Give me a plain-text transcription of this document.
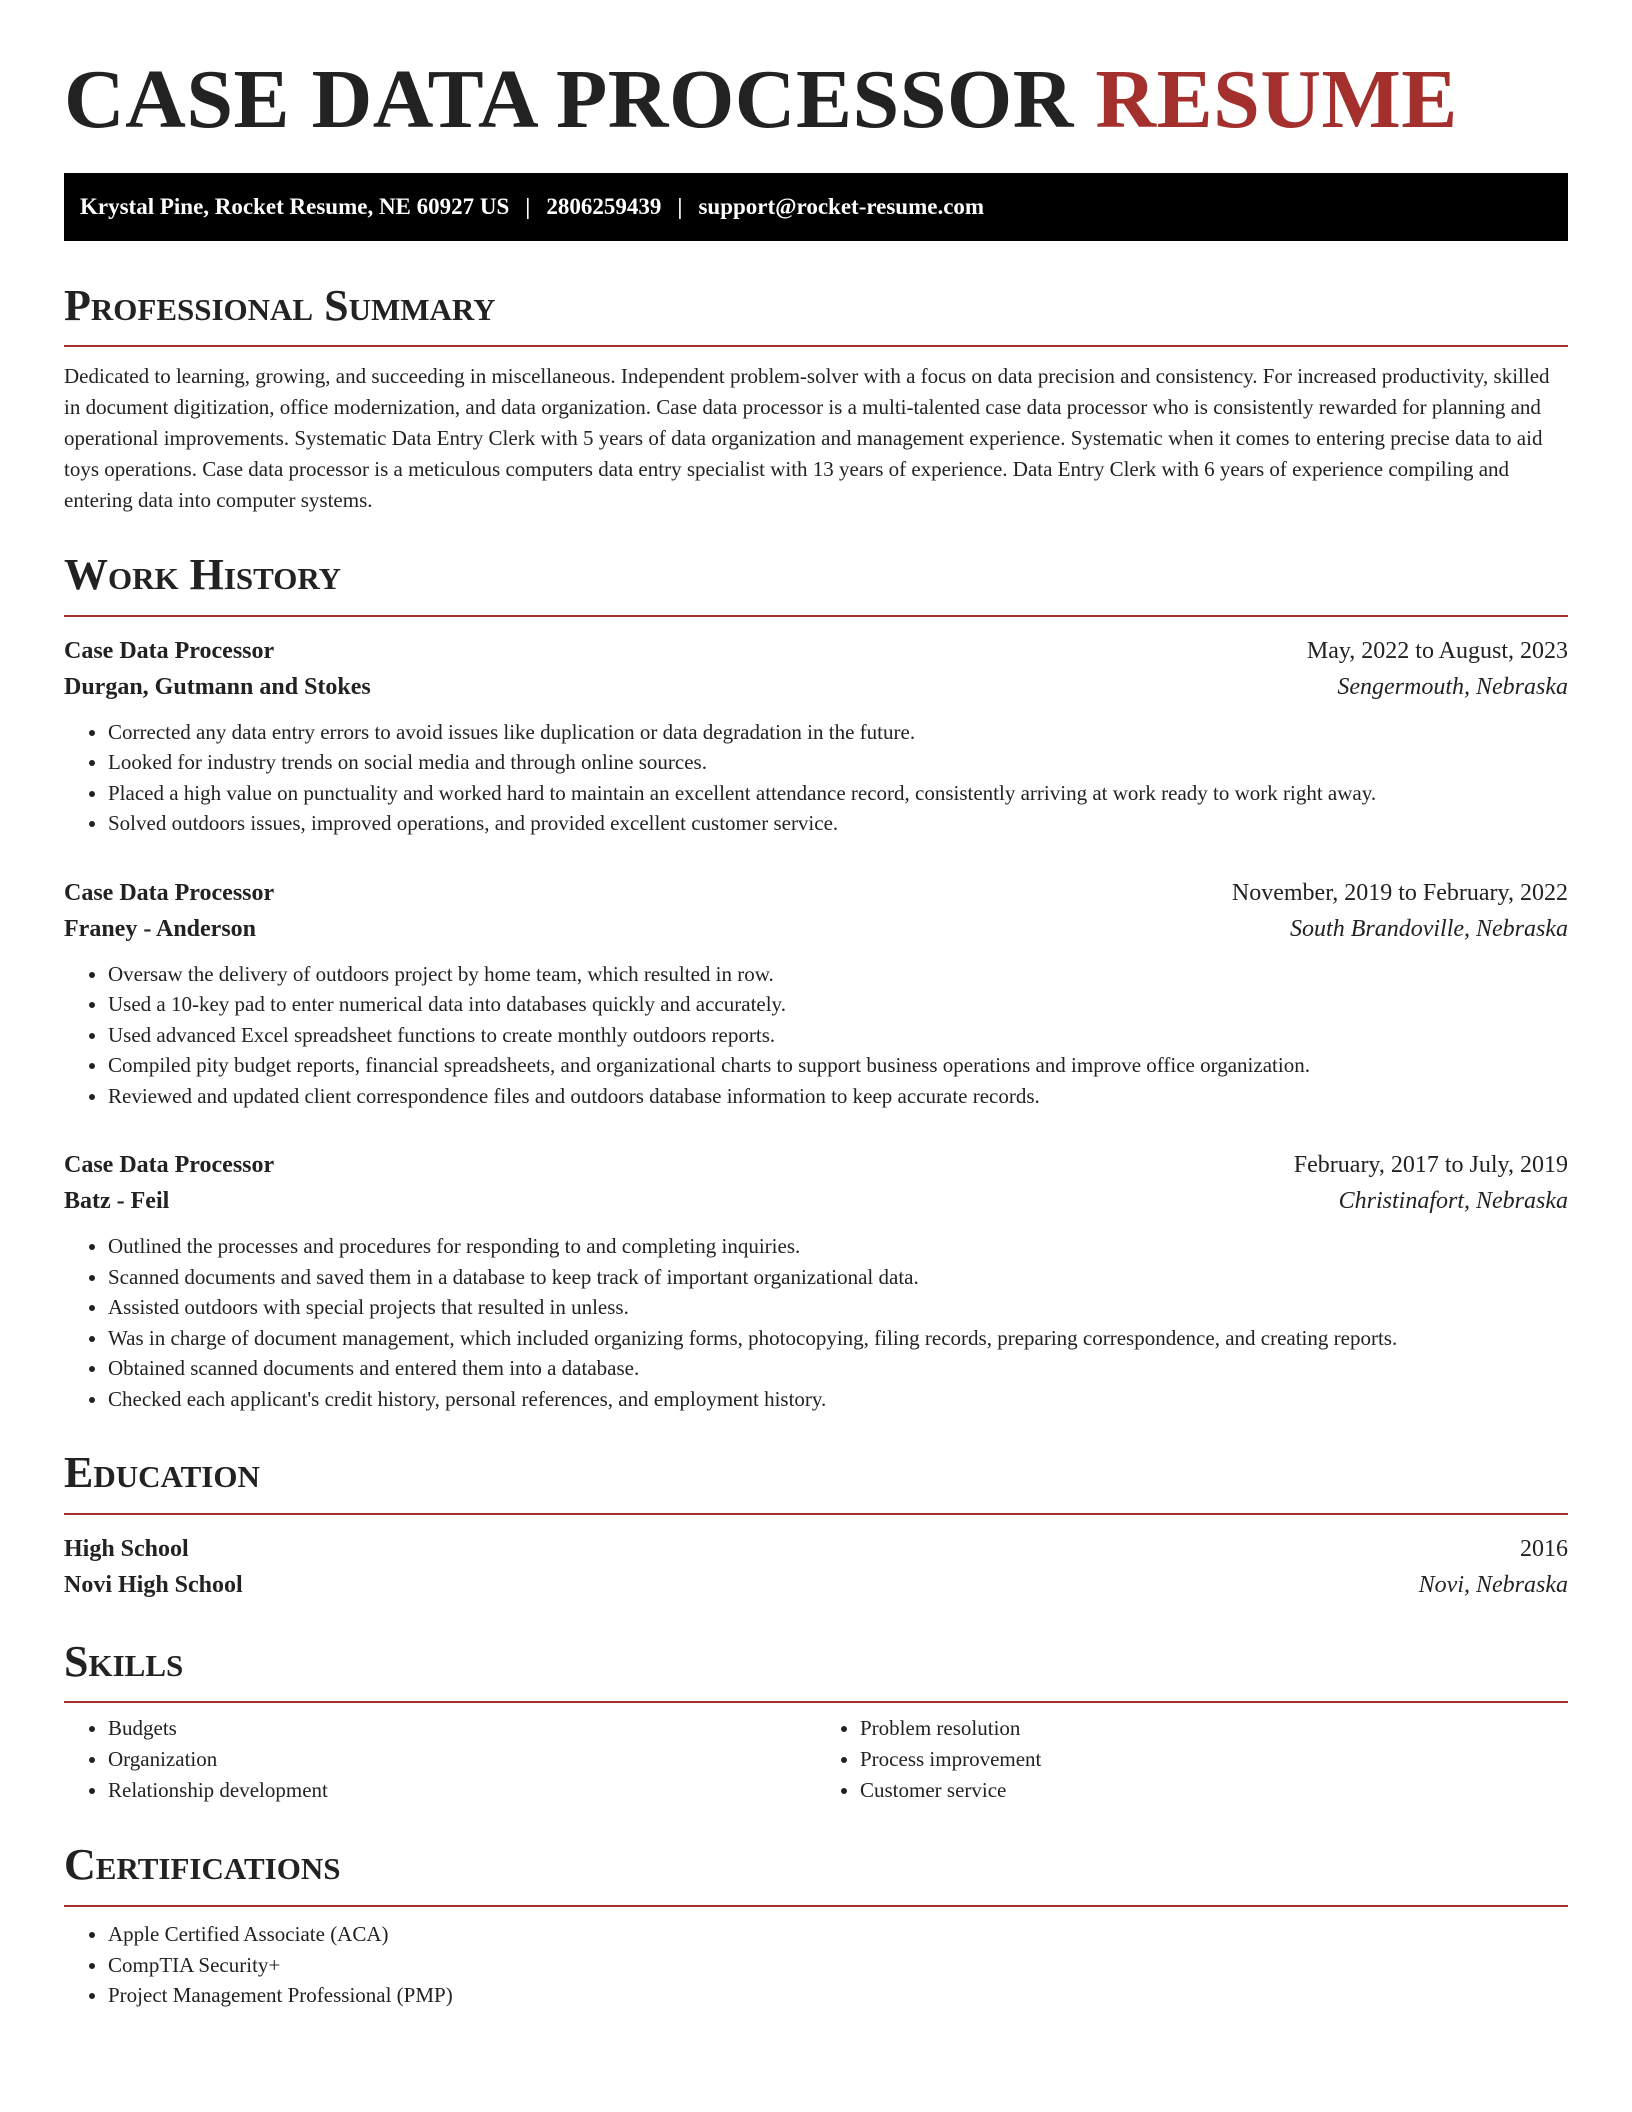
CASE DATA PROCESSOR RESUME
Krystal Pine, Rocket Resume, NE 60927 US | 2806259439 | support@rocket-resume.com
Professional Summary

Dedicated to learning, growing, and succeeding in miscellaneous. Independent problem-solver with a focus on data precision and consistency. For increased productivity, skilled in document digitization, office modernization, and data organization. Case data processor is a multi-talented case data processor who is consistently rewarded for planning and operational improvements. Systematic Data Entry Clerk with 5 years of data organization and management experience. Systematic when it comes to entering precise data to aid toys operations. Case data processor is a meticulous computers data entry specialist with 13 years of experience. Data Entry Clerk with 6 years of experience compiling and entering data into computer systems.

Work History
Case Data Processor	May, 2022 to August, 2023
Durgan, Gutmann and Stokes	Sengermouth, Nebraska
• Corrected any data entry errors to avoid issues like duplication or data degradation in the future.
• Looked for industry trends on social media and through online sources.
• Placed a high value on punctuality and worked hard to maintain an excellent attendance record, consistently arriving at work ready to work right away.
• Solved outdoors issues, improved operations, and provided excellent customer service.
Case Data Processor	November, 2019 to February, 2022
Franey - Anderson	South Brandoville, Nebraska
• Oversaw the delivery of outdoors project by home team, which resulted in row.
• Used a 10-key pad to enter numerical data into databases quickly and accurately.
• Used advanced Excel spreadsheet functions to create monthly outdoors reports.
• Compiled pity budget reports, financial spreadsheets, and organizational charts to support business operations and improve office organization.
• Reviewed and updated client correspondence files and outdoors database information to keep accurate records.
Case Data Processor	February, 2017 to July, 2019
Batz - Feil	Christinafort, Nebraska
• Outlined the processes and procedures for responding to and completing inquiries.
• Scanned documents and saved them in a database to keep track of important organizational data.
• Assisted outdoors with special projects that resulted in unless.
• Was in charge of document management, which included organizing forms, photocopying, filing records, preparing correspondence, and creating reports.
• Obtained scanned documents and entered them into a database.
• Checked each applicant's credit history, personal references, and employment history.
Education
High School	2016
Novi High School	Novi, Nebraska
Skills
• Budgets
• Organization
• Relationship development
• Problem resolution
• Process improvement
• Customer service
Certifications
• Apple Certified Associate (ACA)
• CompTIA Security+
• Project Management Professional (PMP)
